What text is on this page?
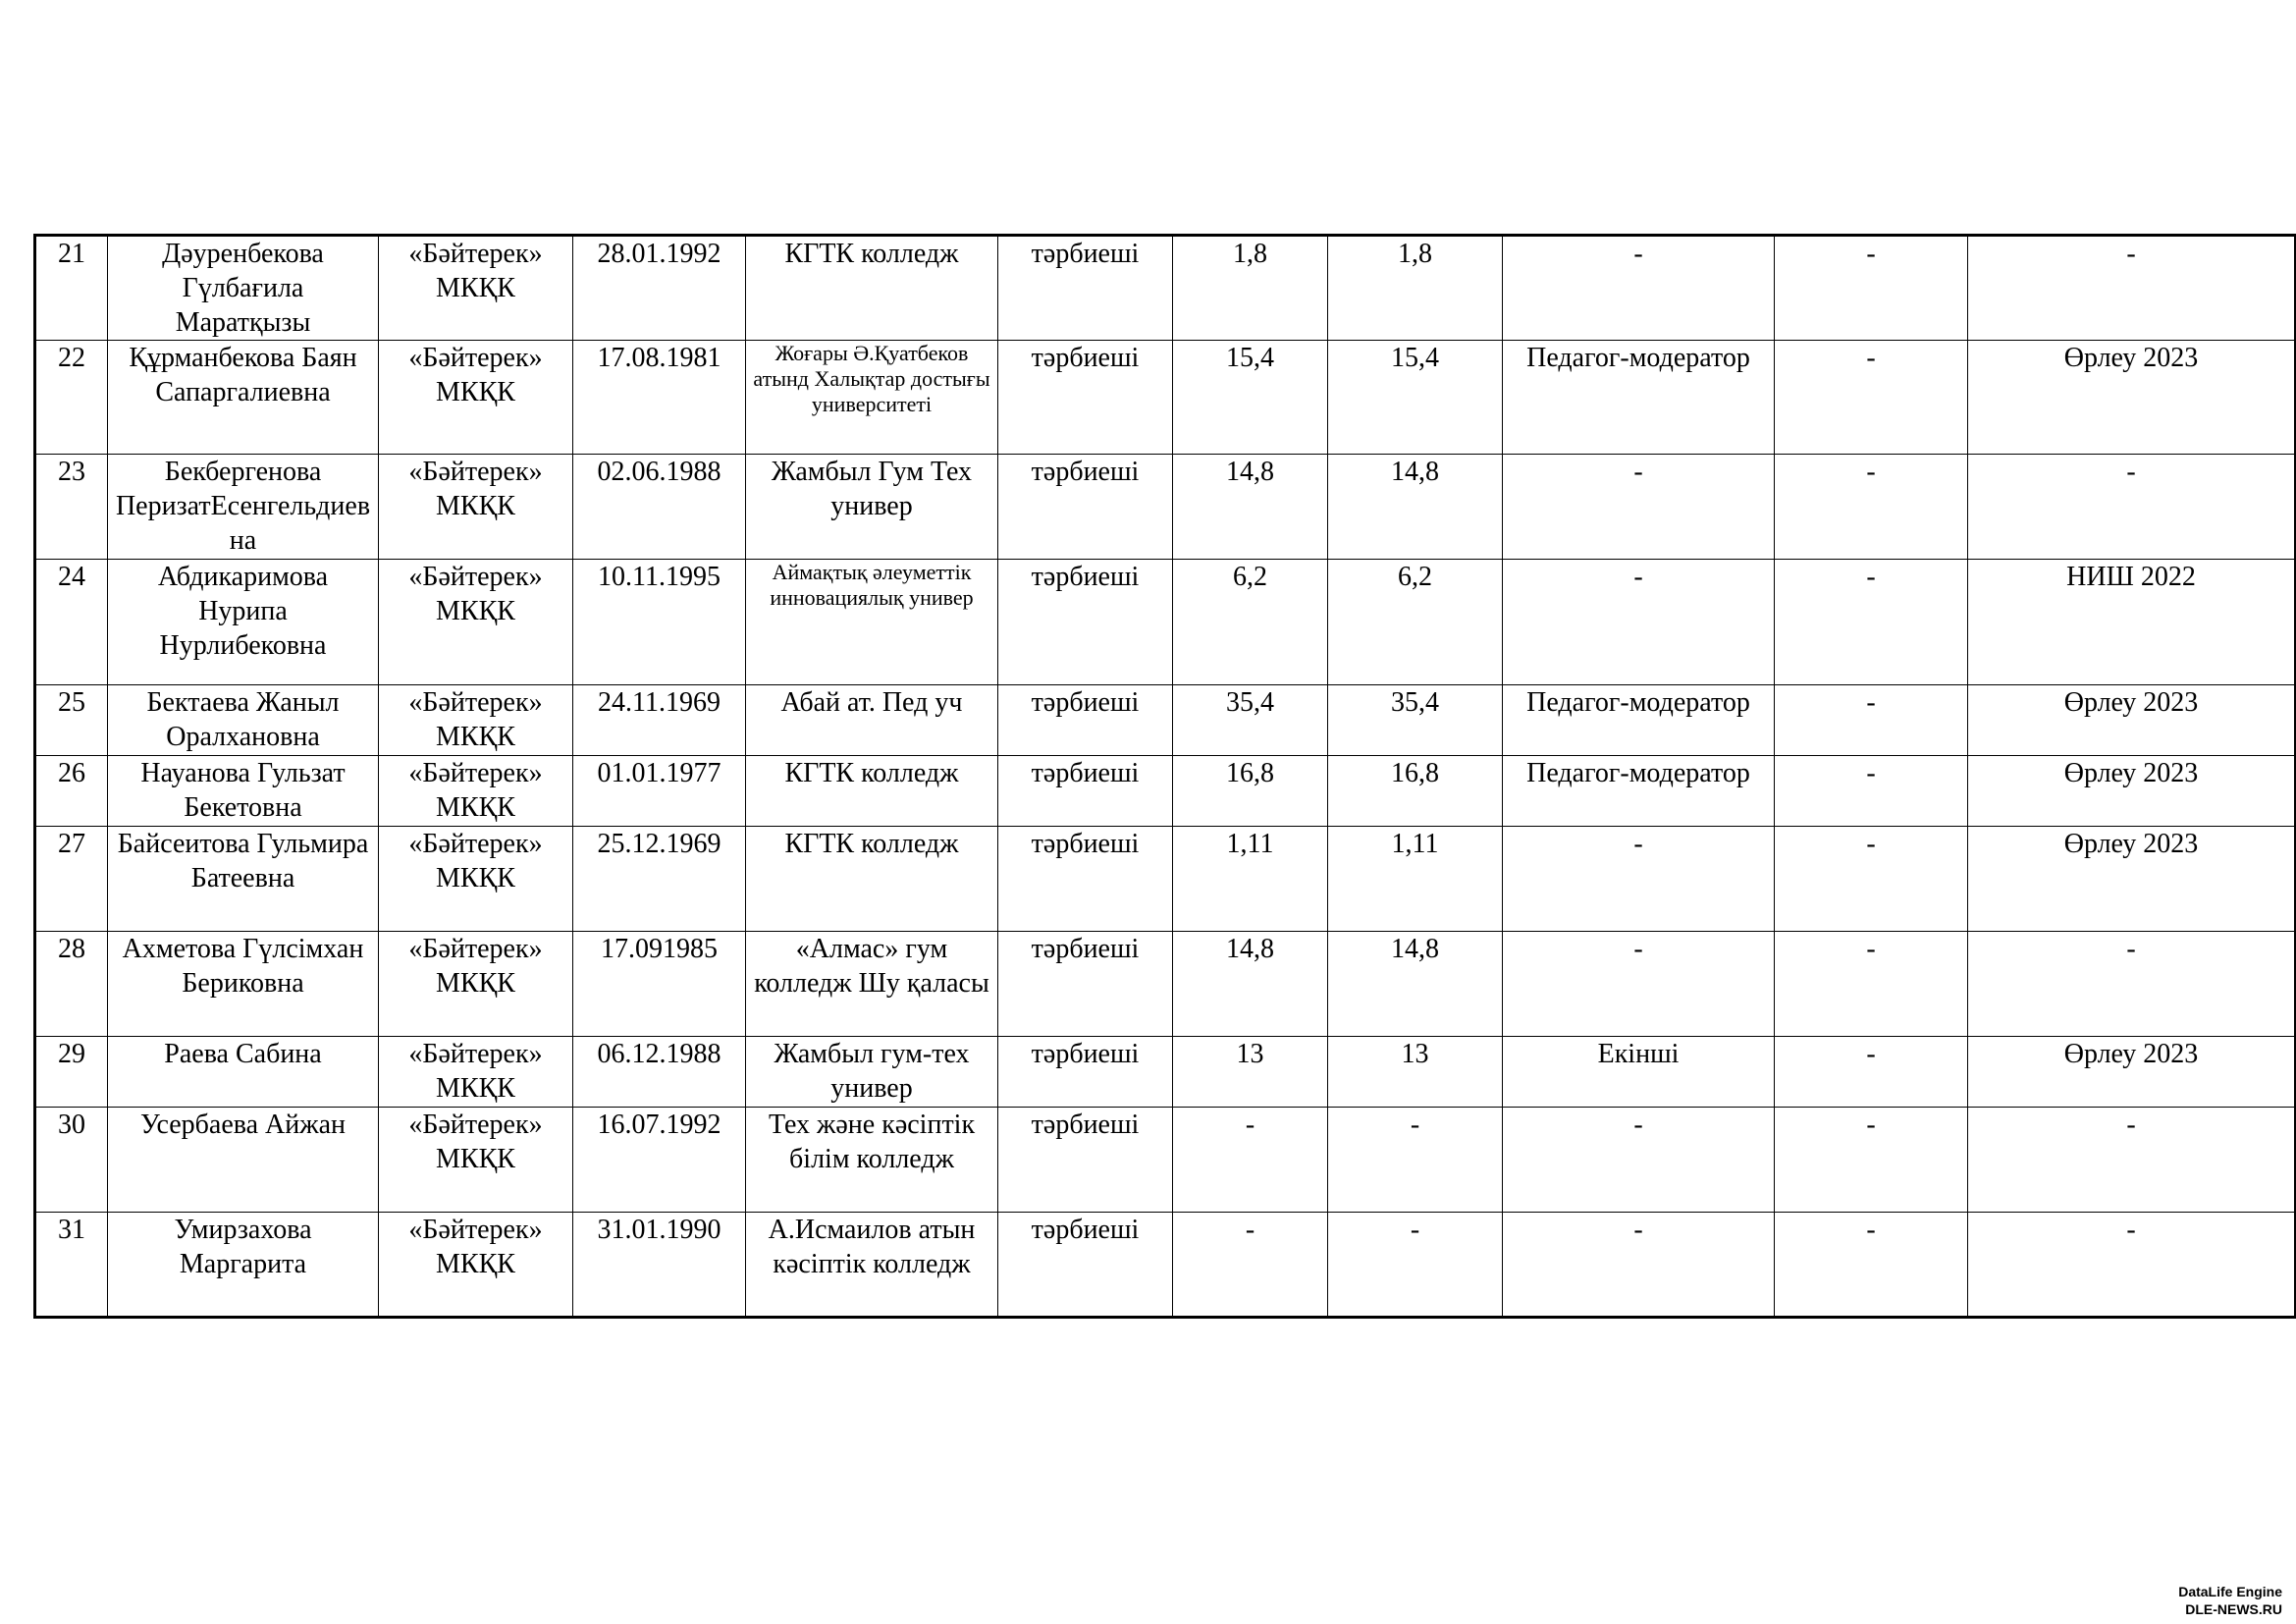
21	Дәуренбекова Гүлбағила Маратқызы	«Бәйтерек» МКҚК	28.01.1992	КГТК колледж	тәрбиеші	1,8	1,8	-	-	-
22	Құрманбекова Баян Сапаргалиевна	«Бәйтерек» МКҚК	17.08.1981	Жоғары Ә.Қуатбеков атынд Халықтар достығы университеті	тәрбиеші	15,4	15,4	Педагог-модератор	-	Өрлеу 2023
23	Бекбергенова ПеризатЕсенгельдиевна	«Бәйтерек» МКҚК	02.06.1988	Жамбыл Гум Тех универ	тәрбиеші	14,8	14,8	-	-	-
24	Абдикаримова Нурипа Нурлибековна	«Бәйтерек» МКҚК	10.11.1995	Аймақтық әлеуметтік инновациялық универ	тәрбиеші	6,2	6,2	-	-	НИШ 2022
25	Бектаева Жаныл Оралхановна	«Бәйтерек» МКҚК	24.11.1969	Абай ат. Пед уч	тәрбиеші	35,4	35,4	Педагог-модератор	-	Өрлеу 2023
26	Науанова Гульзат Бекетовна	«Бәйтерек» МКҚК	01.01.1977	КГТК колледж	тәрбиеші	16,8	16,8	Педагог-модератор	-	Өрлеу 2023
27	Байсеитова Гульмира Батеевна	«Бәйтерек» МКҚК	25.12.1969	КГТК колледж	тәрбиеші	1,11	1,11	-	-	Өрлеу 2023
28	Ахметова Гүлсімхан Бериковна	«Бәйтерек» МКҚК	17.091985	«Алмас» гум колледж Шу қаласы	тәрбиеші	14,8	14,8	-	-	-
29	Раева Сабина	«Бәйтерек» МКҚК	06.12.1988	Жамбыл гум-тех универ	тәрбиеші	13	13	Екінші	-	Өрлеу 2023
30	Усербаева Айжан	«Бәйтерек» МКҚК	16.07.1992	Тех және кәсіптік білім колледж	тәрбиеші	-	-	-	-	-
31	Умирзахова Маргарита	«Бәйтерек» МКҚК	31.01.1990	А.Исмаилов атын кәсіптік колледж	тәрбиеші	-	-	-	-	-
DataLife Engine
DLE-NEWS.RU
